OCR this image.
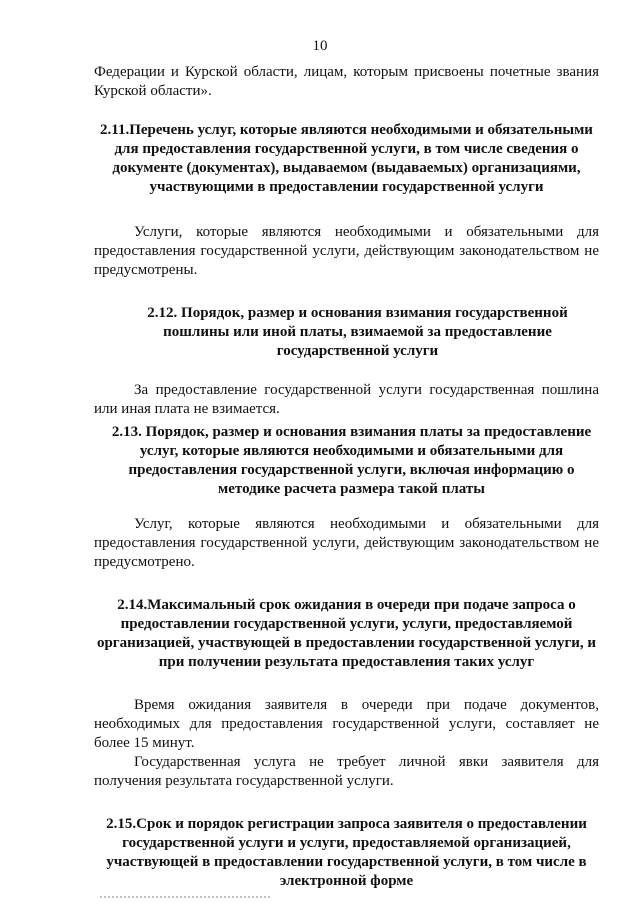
10

Федерации и Курской области, лицам, которым присвоены почетные звания Курской области».

2.11.Перечень услуг, которые являются необходимыми и обязательными для предоставления государственной услуги, в том числе сведения о документе (документах), выдаваемом (выдаваемых) организациями, участвующими в предоставлении государственной услуги

Услуги, которые являются необходимыми и обязательными для предоставления государственной услуги, действующим законодательством не предусмотрены.

2.12. Порядок, размер и основания взимания государственной пошлины или иной платы, взимаемой за предоставление государственной услуги

За предоставление государственной услуги государственная пошлина или иная плата не взимается.

2.13. Порядок, размер и основания взимания платы за предоставление услуг, которые являются необходимыми и обязательными для предоставления государственной услуги, включая информацию о методике расчета размера такой платы

Услуг, которые являются необходимыми и обязательными для предоставления государственной услуги, действующим законодательством не предусмотрено.

2.14.Максимальный срок ожидания в очереди при подаче запроса о предоставлении государственной услуги, услуги, предоставляемой организацией, участвующей в предоставлении государственной услуги, и при получении результата предоставления таких услуг

Время ожидания заявителя в очереди при подаче документов, необходимых для предоставления государственной услуги, составляет не более 15 минут.

Государственная услуга не требует личной явки заявителя для получения результата государственной услуги.

2.15.Срок и порядок регистрации запроса заявителя о предоставлении государственной услуги и услуги, предоставляемой организацией, участвующей в предоставлении государственной услуги, в том числе в электронной форме
